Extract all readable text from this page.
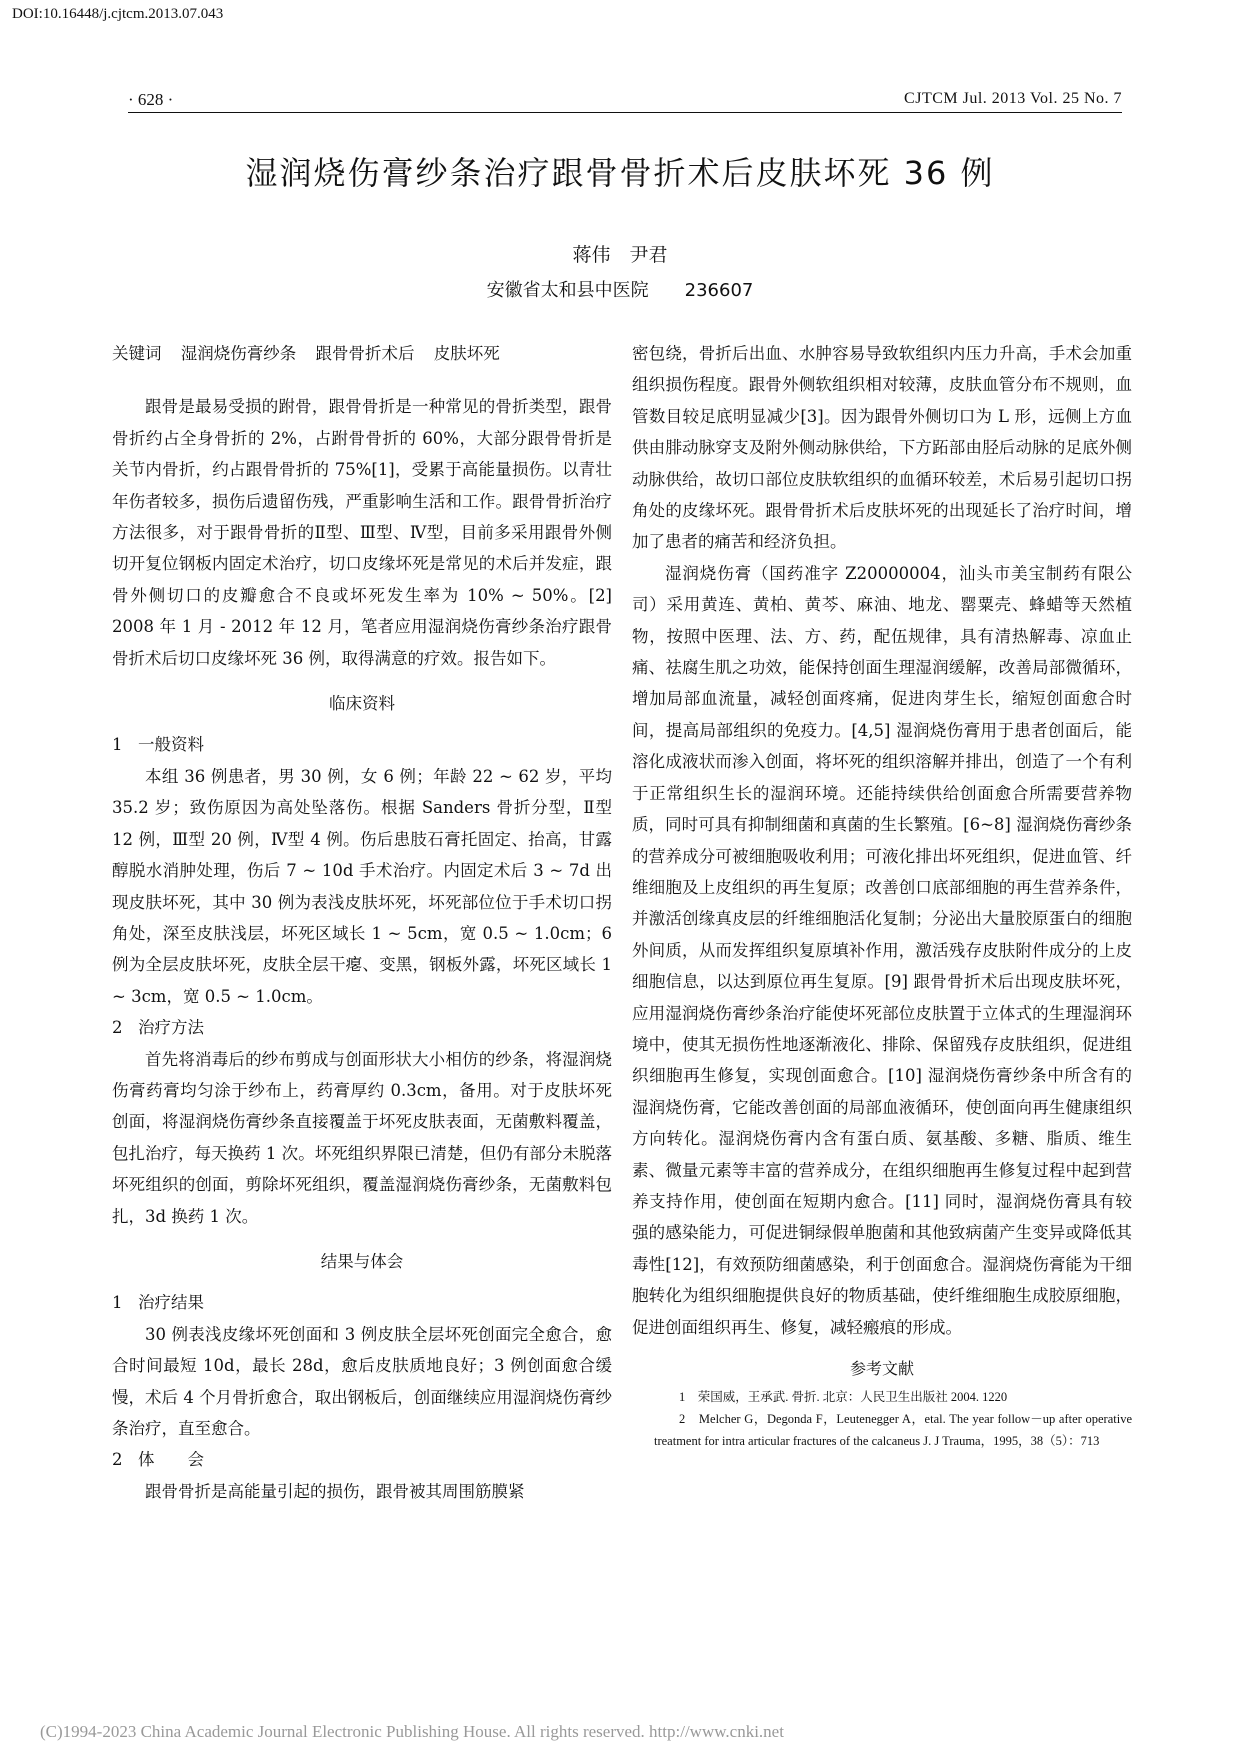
DOI:10.16448/j.cjtcm.2013.07.043
· 628 ·	CJTCM Jul. 2013 Vol. 25 No. 7
湿润烧伤膏纱条治疗跟骨骨折术后皮肤坏死 36 例
蒋伟　尹君
安徽省太和县中医院　　236607

关键词 湿润烧伤膏纱条 跟骨骨折术后 皮肤坏死

跟骨是最易受损的跗骨，跟骨骨折是一种常见的骨折类型，跟骨骨折约占全身骨折的 2%，占跗骨骨折的 60%，大部分跟骨骨折是关节内骨折，约占跟骨骨折的 75%[1]，受累于高能量损伤。以青壮年伤者较多，损伤后遗留伤残，严重影响生活和工作。跟骨骨折治疗方法很多，对于跟骨骨折的Ⅱ型、Ⅲ型、Ⅳ型，目前多采用跟骨外侧切开复位钢板内固定术治疗，切口皮缘坏死是常见的术后并发症，跟骨外侧切口的皮瓣愈合不良或坏死发生率为 10% ~ 50%。[2] 2008 年 1 月 - 2012 年 12 月，笔者应用湿润烧伤膏纱条治疗跟骨骨折术后切口皮缘坏死 36 例，取得满意的疗效。报告如下。

临床资料
1 一般资料

本组 36 例患者，男 30 例，女 6 例；年龄 22 ~ 62 岁，平均 35.2 岁；致伤原因为高处坠落伤。根据 Sanders 骨折分型，Ⅱ型 12 例，Ⅲ型 20 例，Ⅳ型 4 例。伤后患肢石膏托固定、抬高，甘露醇脱水消肿处理，伤后 7 ~ 10d 手术治疗。内固定术后 3 ~ 7d 出现皮肤坏死，其中 30 例为表浅皮肤坏死，坏死部位位于手术切口拐角处，深至皮肤浅层，坏死区域长 1 ~ 5cm，宽 0.5 ~ 1.0cm；6 例为全层皮肤坏死，皮肤全层干瘪、变黑，钢板外露，坏死区域长 1 ~ 3cm，宽 0.5 ~ 1.0cm。

2 治疗方法

首先将消毒后的纱布剪成与创面形状大小相仿的纱条，将湿润烧伤膏药膏均匀涂于纱布上，药膏厚约 0.3cm，备用。对于皮肤坏死创面，将湿润烧伤膏纱条直接覆盖于坏死皮肤表面，无菌敷料覆盖，包扎治疗，每天换药 1 次。坏死组织界限已清楚，但仍有部分未脱落坏死组织的创面，剪除坏死组织，覆盖湿润烧伤膏纱条，无菌敷料包扎，3d 换药 1 次。

结果与体会
1 治疗结果

30 例表浅皮缘坏死创面和 3 例皮肤全层坏死创面完全愈合，愈合时间最短 10d，最长 28d，愈后皮肤质地良好；3 例创面愈合缓慢，术后 4 个月骨折愈合，取出钢板后，创面继续应用湿润烧伤膏纱条治疗，直至愈合。

2 体　　会

跟骨骨折是高能量引起的损伤，跟骨被其周围筋膜紧

密包绕，骨折后出血、水肿容易导致软组织内压力升高，手术会加重组织损伤程度。跟骨外侧软组织相对较薄，皮肤血管分布不规则，血管数目较足底明显减少[3]。因为跟骨外侧切口为 L 形，远侧上方血供由腓动脉穿支及附外侧动脉供给，下方跖部由胫后动脉的足底外侧动脉供给，故切口部位皮肤软组织的血循环较差，术后易引起切口拐角处的皮缘坏死。跟骨骨折术后皮肤坏死的出现延长了治疗时间，增加了患者的痛苦和经济负担。

湿润烧伤膏（国药准字 Z20000004，汕头市美宝制药有限公司）采用黄连、黄柏、黄芩、麻油、地龙、罂粟壳、蜂蜡等天然植物，按照中医理、法、方、药，配伍规律，具有清热解毒、凉血止痛、祛腐生肌之功效，能保持创面生理湿润缓解，改善局部微循环，增加局部血流量，减轻创面疼痛，促进肉芽生长，缩短创面愈合时间，提高局部组织的免疫力。[4,5] 湿润烧伤膏用于患者创面后，能溶化成液状而渗入创面，将坏死的组织溶解并排出，创造了一个有利于正常组织生长的湿润环境。还能持续供给创面愈合所需要营养物质，同时可具有抑制细菌和真菌的生长繁殖。[6~8] 湿润烧伤膏纱条的营养成分可被细胞吸收利用；可液化排出坏死组织，促进血管、纤维细胞及上皮组织的再生复原；改善创口底部细胞的再生营养条件，并激活创缘真皮层的纤维细胞活化复制；分泌出大量胶原蛋白的细胞外间质，从而发挥组织复原填补作用，激活残存皮肤附件成分的上皮细胞信息，以达到原位再生复原。[9] 跟骨骨折术后出现皮肤坏死，应用湿润烧伤膏纱条治疗能使坏死部位皮肤置于立体式的生理湿润环境中，使其无损伤性地逐渐液化、排除、保留残存皮肤组织，促进组织细胞再生修复，实现创面愈合。[10] 湿润烧伤膏纱条中所含有的湿润烧伤膏，它能改善创面的局部血液循环，使创面向再生健康组织方向转化。湿润烧伤膏内含有蛋白质、氨基酸、多糖、脂质、维生素、微量元素等丰富的营养成分，在组织细胞再生修复过程中起到营养支持作用，使创面在短期内愈合。[11] 同时，湿润烧伤膏具有较强的感染能力，可促进铜绿假单胞菌和其他致病菌产生变异或降低其毒性[12]，有效预防细菌感染，利于创面愈合。湿润烧伤膏能为干细胞转化为组织细胞提供良好的物质基础，使纤维细胞生成胶原细胞，促进创面组织再生、修复，减轻瘢痕的形成。

参考文献

1　荣国威，王承武. 骨折. 北京：人民卫生出版社 2004. 1220

2　Melcher G，Degonda F，Leutenegger A，etal. The year follow－up after operative treatment for intra articular fractures of the calcaneus J. J Trauma，1995，38（5）：713

(C)1994-2023 China Academic Journal Electronic Publishing House. All rights reserved. http://www.cnki.net
